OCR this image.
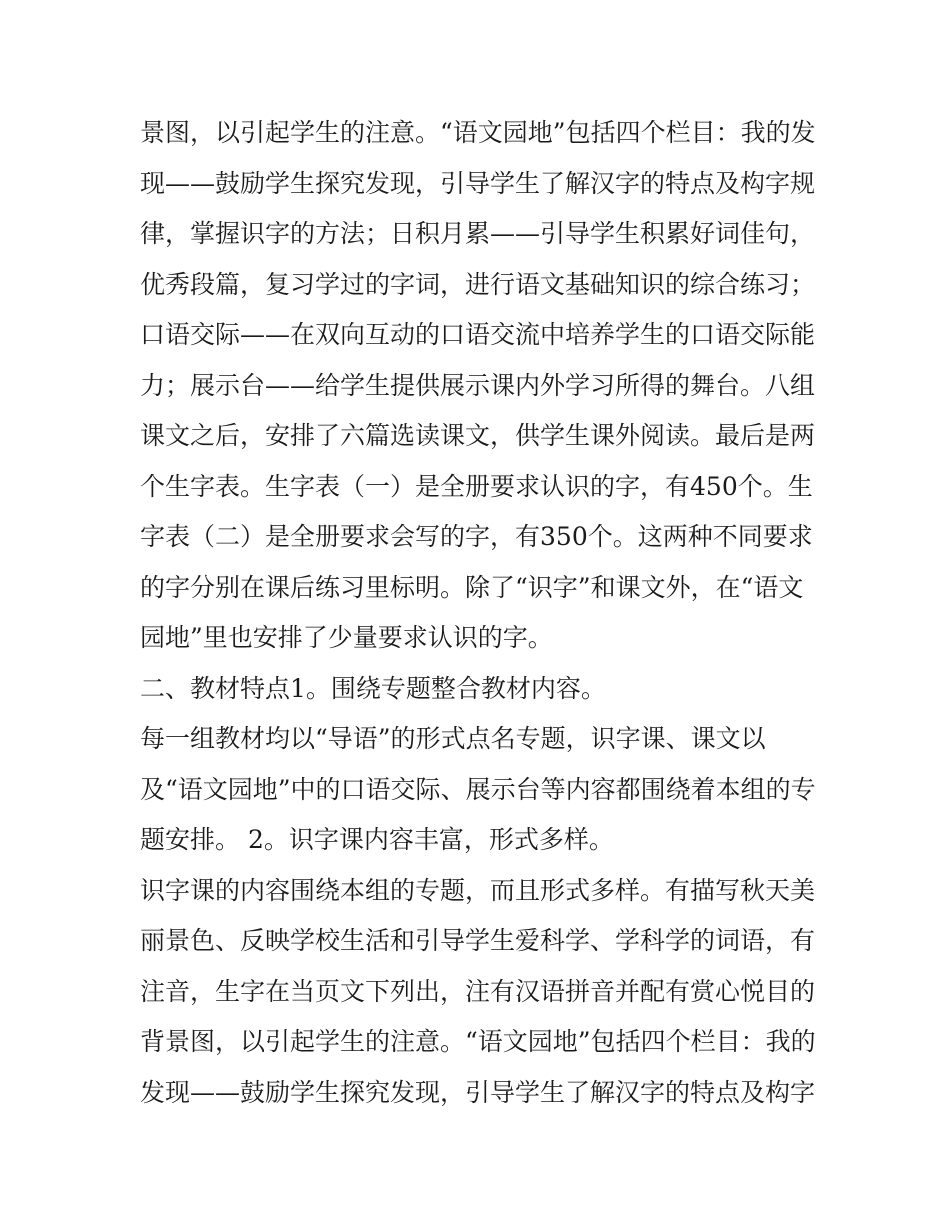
景图，以引起学生的注意。“语文园地”包括四个栏目：我的发
现——鼓励学生探究发现，引导学生了解汉字的特点及构字规
律，掌握识字的方法；日积月累——引导学生积累好词佳句，
优秀段篇，复习学过的字词，进行语文基础知识的综合练习；
口语交际——在双向互动的口语交流中培养学生的口语交际能
力；展示台——给学生提供展示课内外学习所得的舞台。八组
课文之后，安排了六篇选读课文，供学生课外阅读。最后是两
个生字表。生字表（一）是全册要求认识的字，有450个。生
字表（二）是全册要求会写的字，有350个。这两种不同要求
的字分别在课后练习里标明。除了“识字”和课文外，在“语文
园地”里也安排了少量要求认识的字。
二、教材特点1。围绕专题整合教材内容。
每一组教材均以“导语”的形式点名专题，识字课、课文以
及“语文园地”中的口语交际、展示台等内容都围绕着本组的专
题安排。 2。识字课内容丰富，形式多样。
识字课的内容围绕本组的专题，而且形式多样。有描写秋天美
丽景色、反映学校生活和引导学生爱科学、学科学的词语，有
注音，生字在当页文下列出，注有汉语拼音并配有赏心悦目的
背景图，以引起学生的注意。“语文园地”包括四个栏目：我的
发现——鼓励学生探究发现，引导学生了解汉字的特点及构字
